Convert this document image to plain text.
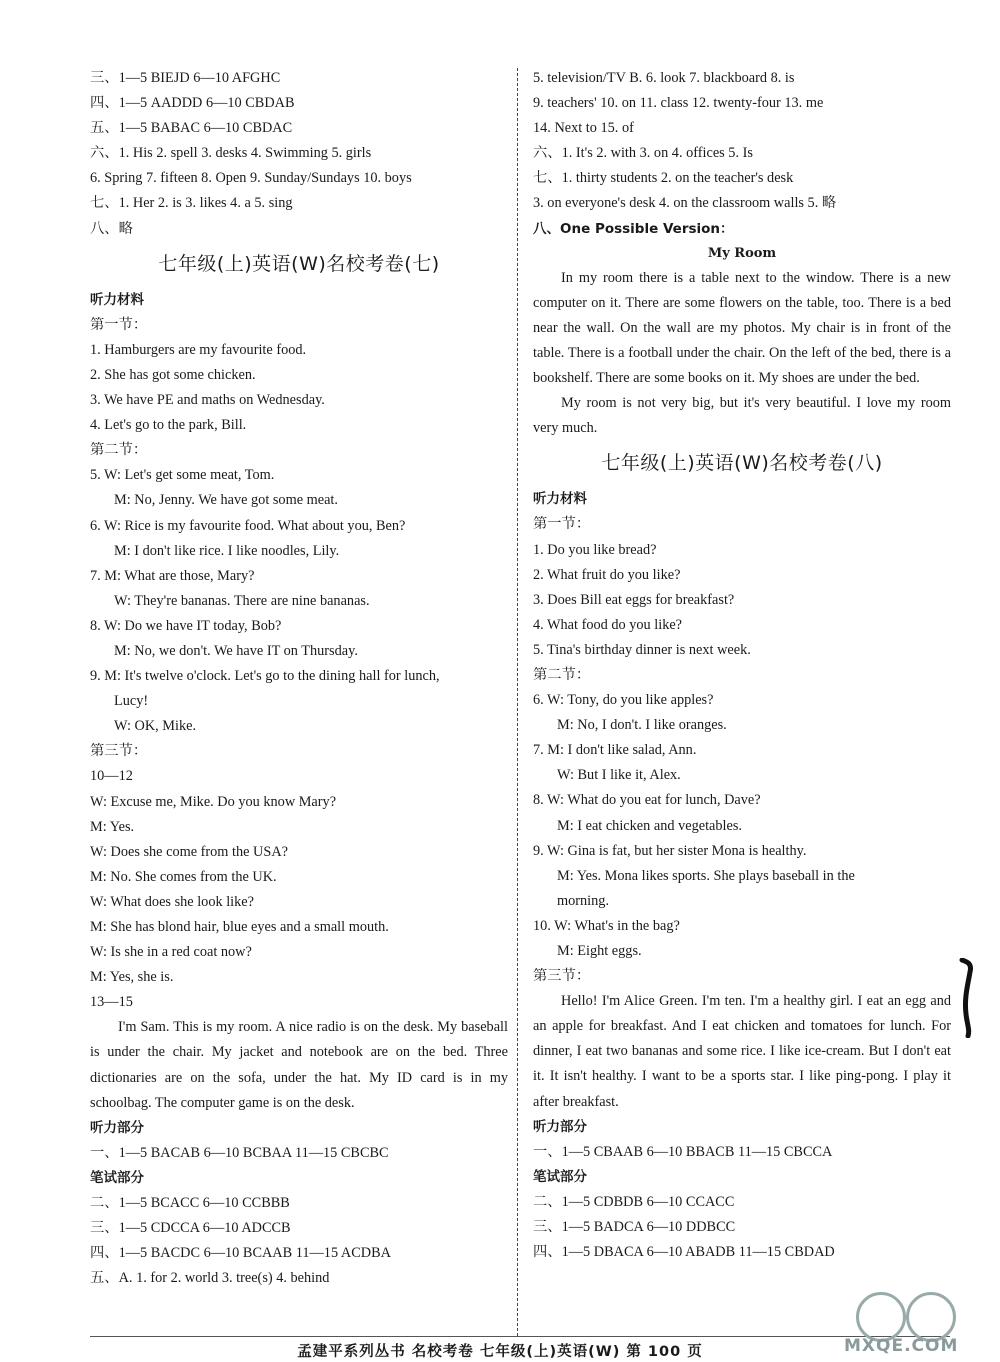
三、1—5 BIEJD 6—10 AFGHC
四、1—5 AADDD 6—10 CBDAB
五、1—5 BABAC 6—10 CBDAC
六、1. His 2. spell 3. desks 4. Swimming 5. girls
6. Spring 7. fifteen 8. Open 9. Sunday/Sundays 10. boys
七、1. Her 2. is 3. likes 4. a 5. sing
八、略
七年级(上)英语(W)名校考卷(七)
听力材料
第一节：
1. Hamburgers are my favourite food.
2. She has got some chicken.
3. We have PE and maths on Wednesday.
4. Let's go to the park, Bill.
第二节：
5. W: Let's get some meat, Tom.
M: No, Jenny. We have got some meat.
6. W: Rice is my favourite food. What about you, Ben?
M: I don't like rice. I like noodles, Lily.
7. M: What are those, Mary?
W: They're bananas. There are nine bananas.
8. W: Do we have IT today, Bob?
M: No, we don't. We have IT on Thursday.
9. M: It's twelve o'clock. Let's go to the dining hall for lunch,
Lucy!
W: OK, Mike.
第三节：
10—12
W: Excuse me, Mike. Do you know Mary?
M: Yes.
W: Does she come from the USA?
M: No. She comes from the UK.
W: What does she look like?
M: She has blond hair, blue eyes and a small mouth.
W: Is she in a red coat now?
M: Yes, she is.
13—15
I'm Sam. This is my room. A nice radio is on the desk. My baseball is under the chair. My jacket and notebook are on the bed. Three dictionaries are on the sofa, under the hat. My ID card is in my schoolbag. The computer game is on the desk.
听力部分
一、1—5 BACAB 6—10 BCBAA 11—15 CBCBC
笔试部分
二、1—5 BCACC 6—10 CCBBB
三、1—5 CDCCA 6—10 ADCCB
四、1—5 BACDC 6—10 BCAAB 11—15 ACDBA
五、A. 1. for 2. world 3. tree(s) 4. behind
5. television/TV B. 6. look 7. blackboard 8. is
9. teachers' 10. on 11. class 12. twenty-four 13. me
14. Next to 15. of
六、1. It's 2. with 3. on 4. offices 5. Is
七、1. thirty students 2. on the teacher's desk
3. on everyone's desk 4. on the classroom walls 5. 略
八、One Possible Version：
My Room
In my room there is a table next to the window. There is a new computer on it. There are some flowers on the table, too. There is a bed near the wall. On the wall are my photos. My chair is in front of the table. There is a football under the chair. On the left of the bed, there is a bookshelf. There are some books on it. My shoes are under the bed.
My room is not very big, but it's very beautiful. I love my room very much.
七年级(上)英语(W)名校考卷(八)
听力材料
第一节：
1. Do you like bread?
2. What fruit do you like?
3. Does Bill eat eggs for breakfast?
4. What food do you like?
5. Tina's birthday dinner is next week.
第二节：
6. W: Tony, do you like apples?
M: No, I don't. I like oranges.
7. M: I don't like salad, Ann.
W: But I like it, Alex.
8. W: What do you eat for lunch, Dave?
M: I eat chicken and vegetables.
9. W: Gina is fat, but her sister Mona is healthy.
M: Yes. Mona likes sports. She plays baseball in the
morning.
10. W: What's in the bag?
M: Eight eggs.
第三节：
Hello! I'm Alice Green. I'm ten. I'm a healthy girl. I eat an egg and an apple for breakfast. And I eat chicken and tomatoes for lunch. For dinner, I eat two bananas and some rice. I like ice-cream. But I don't eat it. It isn't healthy. I want to be a sports star. I like ping-pong. I play it after breakfast.
听力部分
一、1—5 CBAAB 6—10 BBACB 11—15 CBCCA
笔试部分
二、1—5 CDBDB 6—10 CCACC
三、1—5 BADCA 6—10 DDBCC
四、1—5 DBACA 6—10 ABADB 11—15 CBDAD
孟建平系列丛书 名校考卷 七年级(上)英语(W) 第 100 页	MXQE.COM
